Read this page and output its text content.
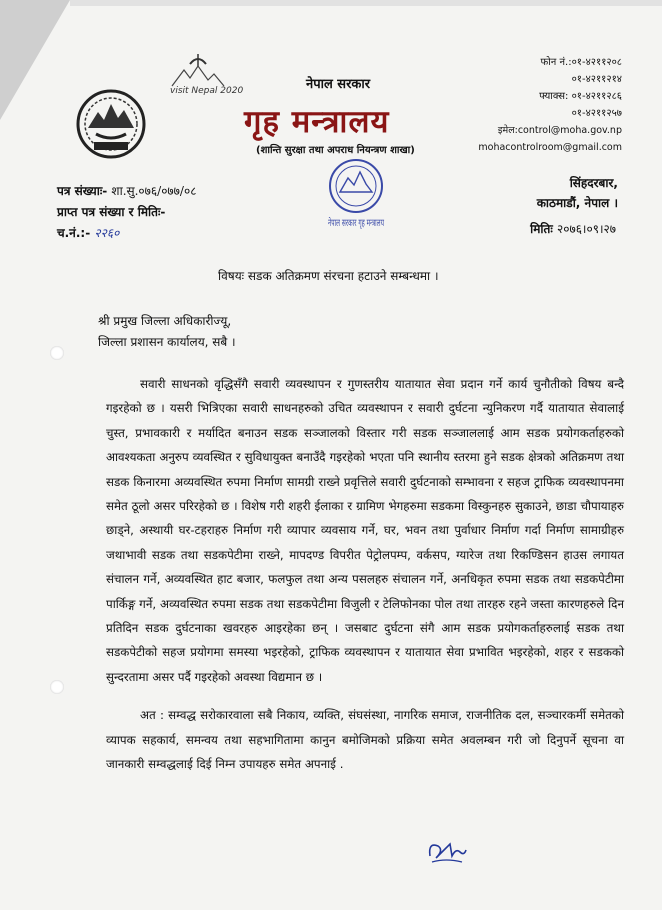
visit Nepal 2020	नेपाल सरकार
गृह मन्त्रालय
(शान्ति सुरक्षा तथा अपराध नियन्त्रण शाखा)
फोन नं.:०१-४२११२०८
०१-४२११२१४
फ्याक्स: ०१-४२११२८६
०१-४२११२५७
इमेल:control@moha.gov.np
mohacontrolroom@gmail.com
सिंहदरबार,
काठमाडौं, नेपाल ।
पत्र संख्याः- शा.सु.०७६/०७७/०८
प्राप्त पत्र संख्या र मितिः-
च.नं.:- २२६०
नेपाल सरकार गृह मन्त्रालय	मितिः २०७६।०९।२७
विषयः सडक अतिक्रमण संरचना हटाउने सम्बन्धमा ।
श्री प्रमुख जिल्ला अधिकारीज्यू,
जिल्ला प्रशासन कार्यालय, सबै ।

सवारी साधनको वृद्धिसँगै सवारी व्यवस्थापन र गुणस्तरीय यातायात सेवा प्रदान गर्ने कार्य चुनौतीको विषय बन्दै गइरहेको छ । यसरी भित्रिएका सवारी साधनहरुको उचित व्यवस्थापन र सवारी दुर्घटना न्युनिकरण गर्दै यातायात सेवालाई चुस्त, प्रभावकारी र मर्यादित बनाउन सडक सञ्जालको विस्तार गरी सडक सञ्जाललाई आम सडक प्रयोगकर्ताहरुको आवश्यकता अनुरुप व्यवस्थित र सुविधायुक्त बनाउँदै गइरहेको भएता पनि स्थानीय स्तरमा हुने सडक क्षेत्रको अतिक्रमण तथा सडक किनारमा अव्यवस्थित रुपमा निर्माण सामग्री राख्ने प्रवृत्तिले सवारी दुर्घटनाको सम्भावना र सहज ट्राफिक व्यवस्थापनमा समेत ठूलो असर परिरहेको छ । विशेष गरी शहरी ईलाका र ग्रामिण भेगहरुमा सडकमा विस्कुनहरु सुकाउने, छाडा चौपायाहरु छाड्ने, अस्थायी घर-टहराहरु निर्माण गरी व्यापार व्यवसाय गर्ने, घर, भवन तथा पुर्वाधार निर्माण गर्दा निर्माण सामाग्रीहरु जथाभावी सडक तथा सडकपेटीमा राख्ने, मापदण्ड विपरीत पेट्रोलपम्प, वर्कसप, ग्यारेज तथा रिकण्डिसन हाउस लगायत संचालन गर्ने, अव्यवस्थित हाट बजार, फलफुल तथा अन्य पसलहरु संचालन गर्ने, अनधिकृत रुपमा सडक तथा सडकपेटीमा पार्किङ्ग गर्ने, अव्यवस्थित रुपमा सडक तथा सडकपेटीमा विजुली र टेलिफोनका पोल तथा तारहरु रहने जस्ता कारणहरुले दिन प्रतिदिन सडक दुर्घटनाका खवरहरु आइरहेका छन् । जसबाट दुर्घटना संगै आम सडक प्रयोगकर्ताहरुलाई सडक तथा सडकपेटीको सहज प्रयोगमा समस्या भइरहेको, ट्राफिक व्यवस्थापन र यातायात सेवा प्रभावित भइरहेको, शहर र सडकको सुन्दरतामा असर पर्दै गइरहेको अवस्था विद्यमान छ ।

अत : सम्वद्ध सरोकारवाला सबै निकाय, व्यक्ति, संघसंस्था, नागरिक समाज, राजनीतिक दल, सञ्चारकर्मी समेतको व्यापक सहकार्य, समन्वय तथा सहभागितामा कानुन बमोजिमको प्रक्रिया समेत अवलम्बन गरी जो दिनुपर्ने सूचना वा जानकारी सम्वद्धलाई दिई निम्न उपायहरु समेत अपनाई .
